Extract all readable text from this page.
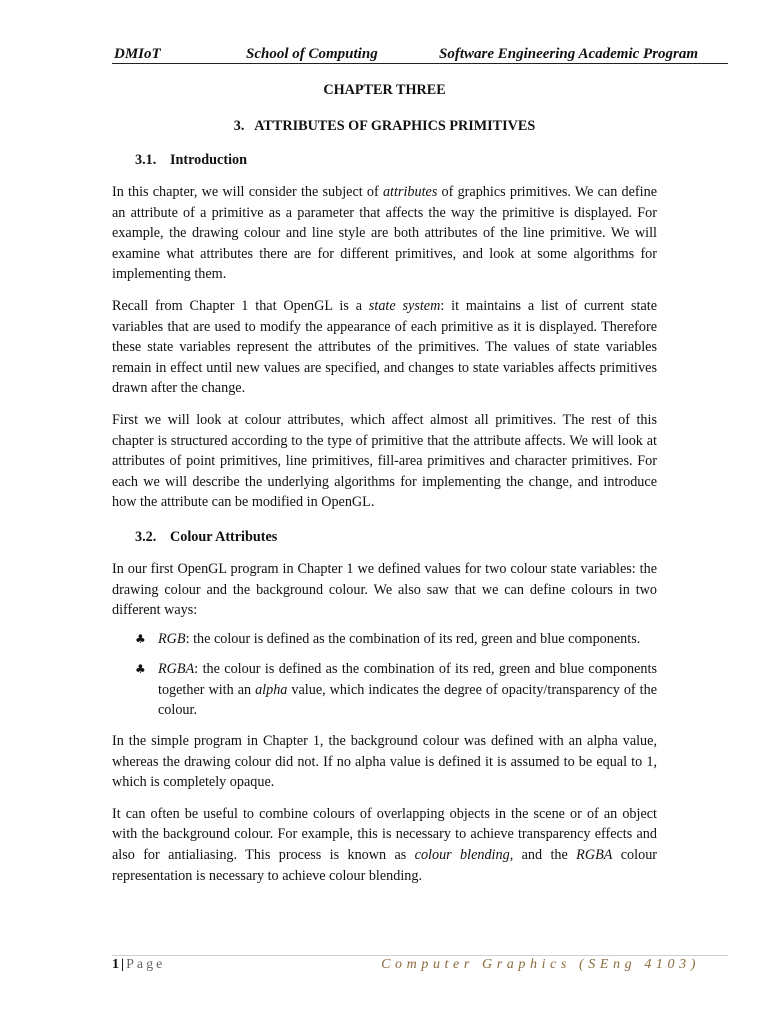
DMIoT	School of Computing	Software Engineering Academic Program
CHAPTER THREE
3.   ATTRIBUTES OF GRAPHICS PRIMITIVES
3.1. Introduction

In this chapter, we will consider the subject of attributes of graphics primitives. We can define an attribute of a primitive as a parameter that affects the way the primitive is displayed. For example, the drawing colour and line style are both attributes of the line primitive. We will examine what attributes there are for different primitives, and look at some algorithms for implementing them.

Recall from Chapter 1 that OpenGL is a state system: it maintains a list of current state variables that are used to modify the appearance of each primitive as it is displayed. Therefore these state variables represent the attributes of the primitives. The values of state variables remain in effect until new values are specified, and changes to state variables affects primitives drawn after the change.

First we will look at colour attributes, which affect almost all primitives. The rest of this chapter is structured according to the type of primitive that the attribute affects. We will look at attributes of point primitives, line primitives, fill-area primitives and character primitives. For each we will describe the underlying algorithms for implementing the change, and introduce how the attribute can be modified in OpenGL.

3.2. Colour Attributes

In our first OpenGL program in Chapter 1 we defined values for two colour state variables: the drawing colour and the background colour. We also saw that we can define colours in two different ways:

♣ RGB: the colour is defined as the combination of its red, green and blue components.
♣ RGBA: the colour is defined as the combination of its red, green and blue components together with an alpha value, which indicates the degree of opacity/transparency of the colour.

In the simple program in Chapter 1, the background colour was defined with an alpha value, whereas the drawing colour did not. If no alpha value is defined it is assumed to be equal to 1, which is completely opaque.

It can often be useful to combine colours of overlapping objects in the scene or of an object with the background colour. For example, this is necessary to achieve transparency effects and also for antialiasing. This process is known as colour blending, and the RGBA colour representation is necessary to achieve colour blending.

1 | Page	Computer Graphics (SEng 4103)
